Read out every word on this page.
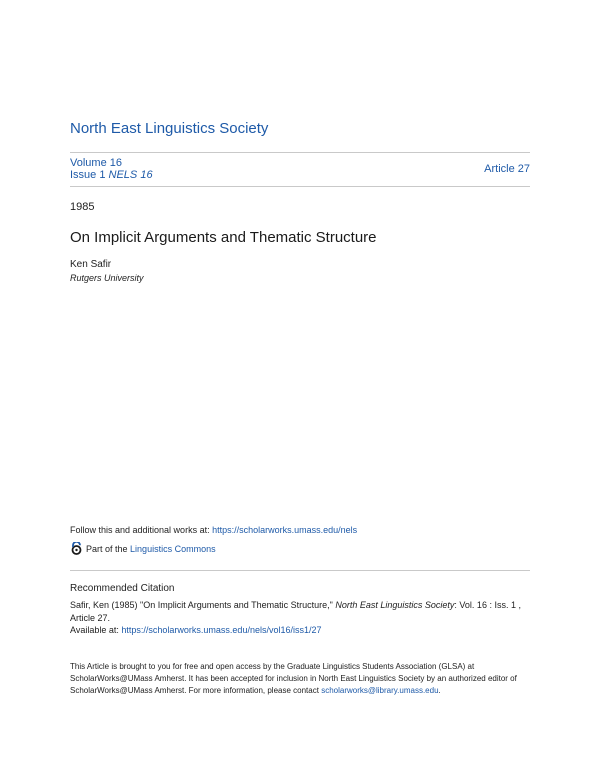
North East Linguistics Society
Volume 16
Issue 1 NELS 16	Article 27
1985
On Implicit Arguments and Thematic Structure
Ken Safir
Rutgers University
Follow this and additional works at: https://scholarworks.umass.edu/nels
Part of the
Linguistics Commons
Recommended Citation
Safir, Ken (1985) "On Implicit Arguments and Thematic Structure," North East Linguistics Society: Vol. 16 : Iss. 1 , Article 27.
Available at: https://scholarworks.umass.edu/nels/vol16/iss1/27
This Article is brought to you for free and open access by the Graduate Linguistics Students Association (GLSA) at ScholarWorks@UMass Amherst. It has been accepted for inclusion in North East Linguistics Society by an authorized editor of ScholarWorks@UMass Amherst. For more information, please contact scholarworks@library.umass.edu.
